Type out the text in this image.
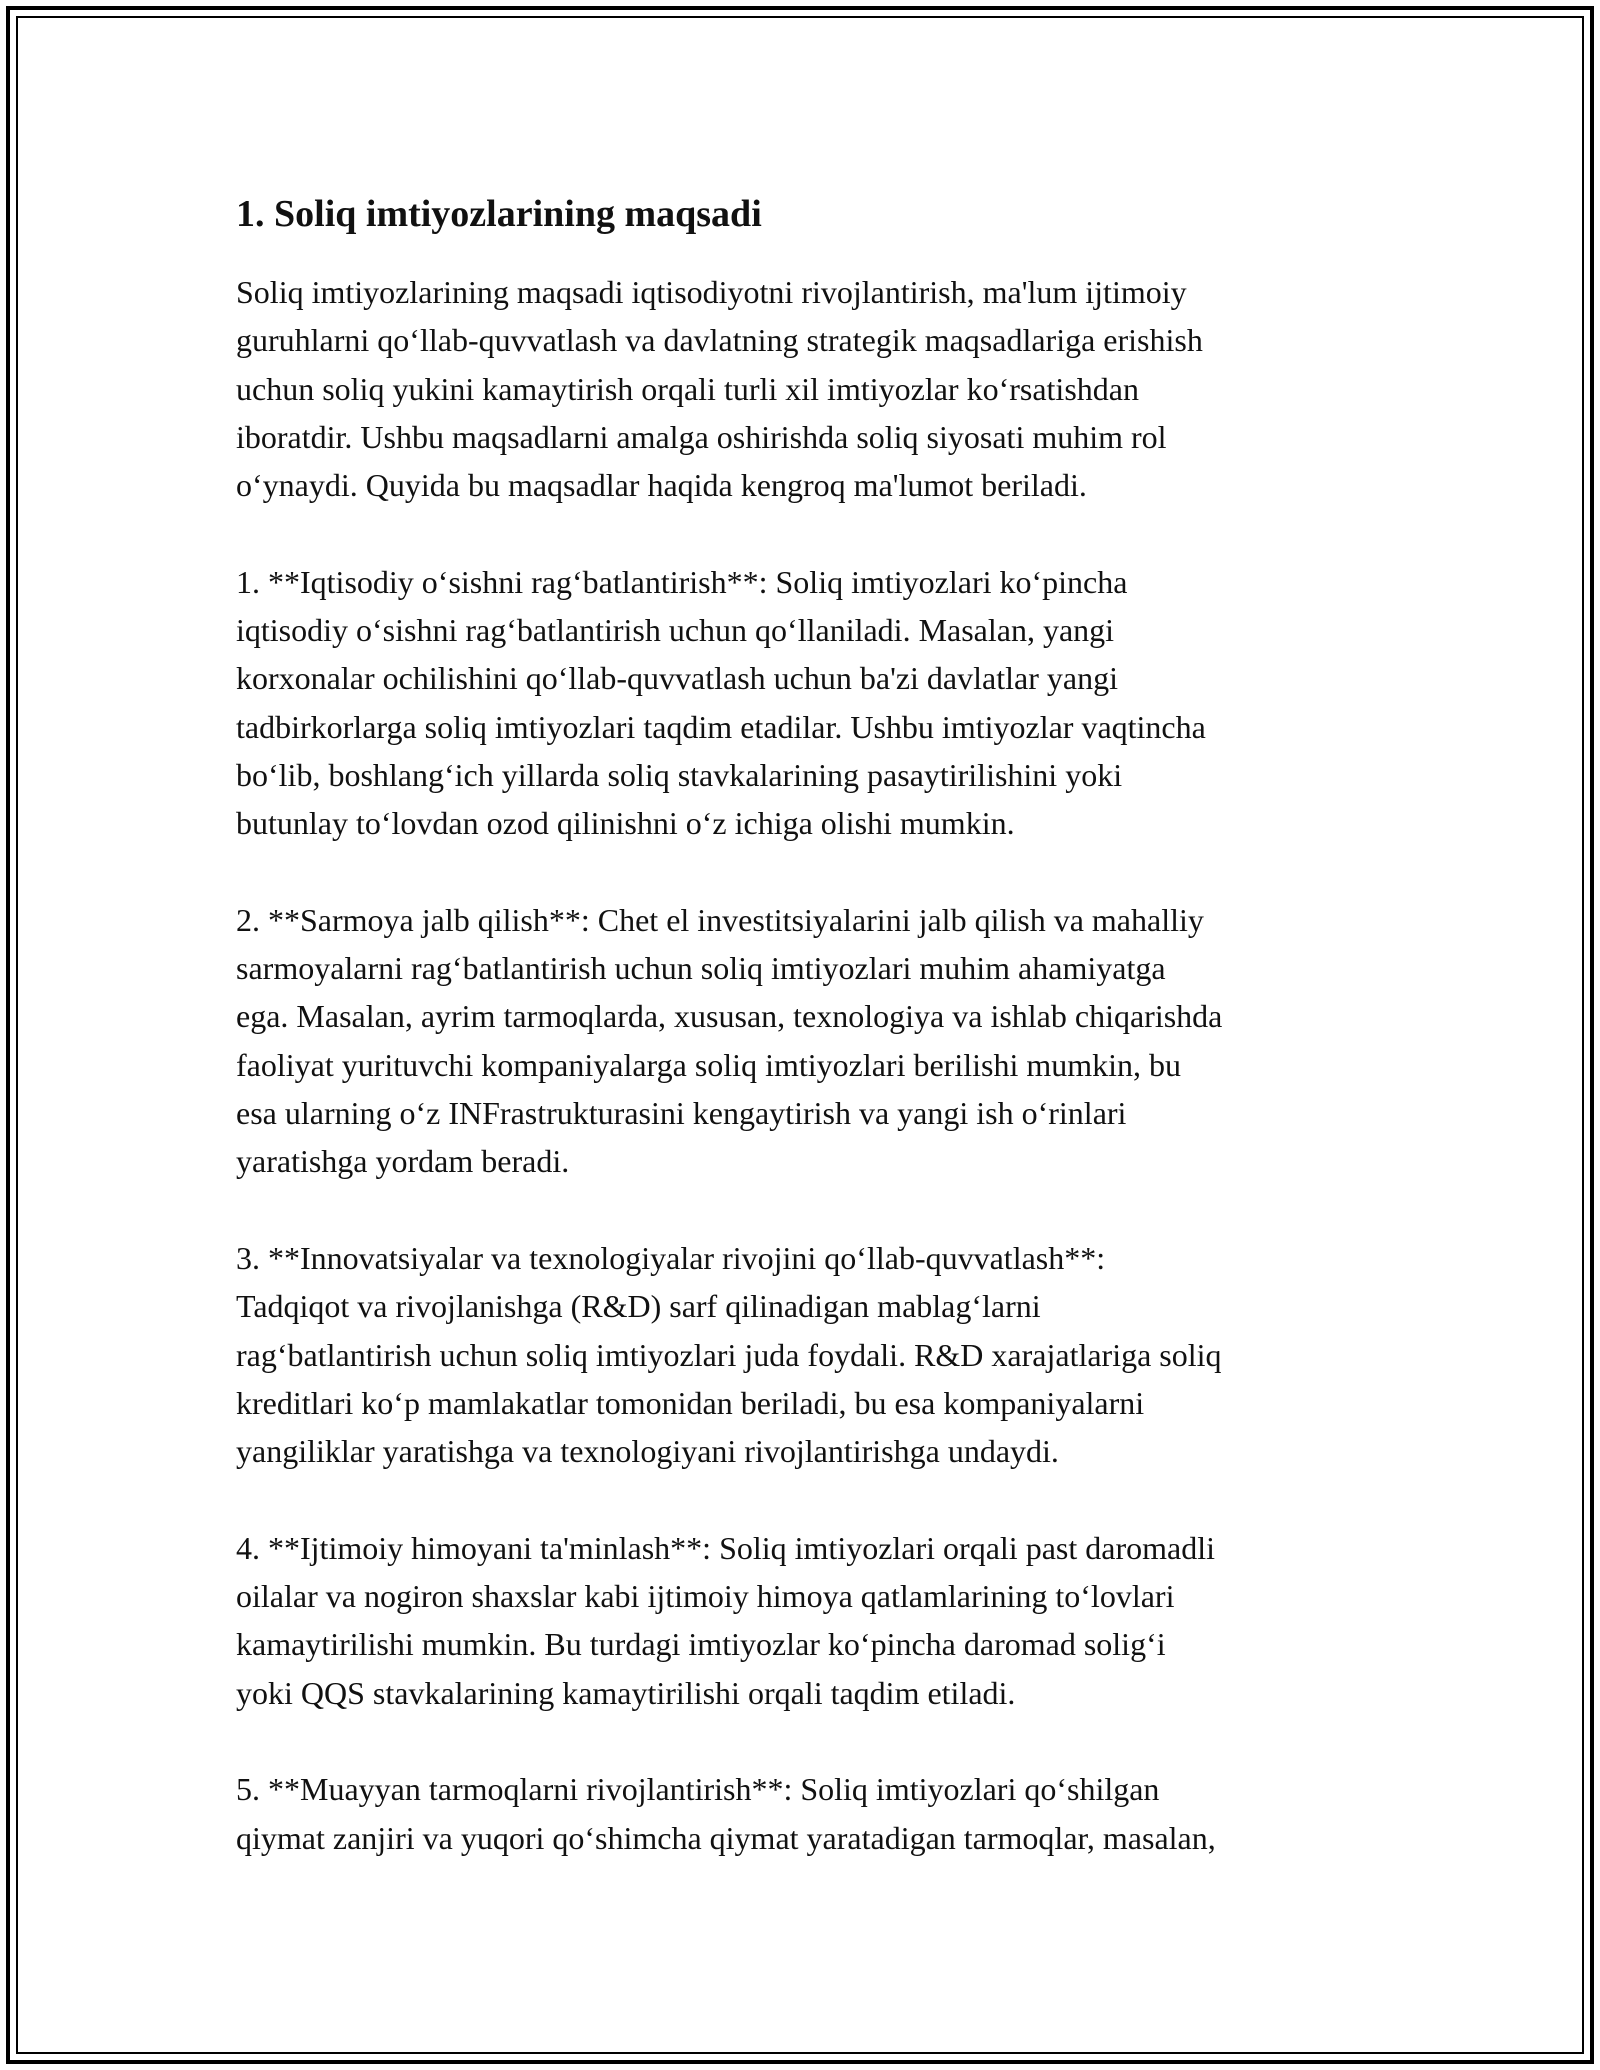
1. Soliq imtiyozlarining maqsadi

Soliq imtiyozlarining maqsadi iqtisodiyotni rivojlantirish, ma'lum ijtimoiy
guruhlarni qo‘llab-quvvatlash va davlatning strategik maqsadlariga erishish
uchun soliq yukini kamaytirish orqali turli xil imtiyozlar ko‘rsatishdan
iboratdir. Ushbu maqsadlarni amalga oshirishda soliq siyosati muhim rol
o‘ynaydi. Quyida bu maqsadlar haqida kengroq ma'lumot beriladi.

1. **Iqtisodiy o‘sishni rag‘batlantirish**: Soliq imtiyozlari ko‘pincha
iqtisodiy o‘sishni rag‘batlantirish uchun qo‘llaniladi. Masalan, yangi
korxonalar ochilishini qo‘llab-quvvatlash uchun ba'zi davlatlar yangi
tadbirkorlarga soliq imtiyozlari taqdim etadilar. Ushbu imtiyozlar vaqtincha
bo‘lib, boshlang‘ich yillarda soliq stavkalarining pasaytirilishini yoki
butunlay to‘lovdan ozod qilinishni o‘z ichiga olishi mumkin.

2. **Sarmoya jalb qilish**: Chet el investitsiyalarini jalb qilish va mahalliy
sarmoyalarni rag‘batlantirish uchun soliq imtiyozlari muhim ahamiyatga
ega. Masalan, ayrim tarmoqlarda, xususan, texnologiya va ishlab chiqarishda
faoliyat yurituvchi kompaniyalarga soliq imtiyozlari berilishi mumkin, bu
esa ularning o‘z INFrastrukturasini kengaytirish va yangi ish o‘rinlari
yaratishga yordam beradi.

3. **Innovatsiyalar va texnologiyalar rivojini qo‘llab-quvvatlash**:
Tadqiqot va rivojlanishga (R&D) sarf qilinadigan mablag‘larni
rag‘batlantirish uchun soliq imtiyozlari juda foydali. R&D xarajatlariga soliq
kreditlari ko‘p mamlakatlar tomonidan beriladi, bu esa kompaniyalarni
yangiliklar yaratishga va texnologiyani rivojlantirishga undaydi.

4. **Ijtimoiy himoyani ta'minlash**: Soliq imtiyozlari orqali past daromadli
oilalar va nogiron shaxslar kabi ijtimoiy himoya qatlamlarining to‘lovlari
kamaytirilishi mumkin. Bu turdagi imtiyozlar ko‘pincha daromad solig‘i
yoki QQS stavkalarining kamaytirilishi orqali taqdim etiladi.

5. **Muayyan tarmoqlarni rivojlantirish**: Soliq imtiyozlari qo‘shilgan
qiymat zanjiri va yuqori qo‘shimcha qiymat yaratadigan tarmoqlar, masalan,
